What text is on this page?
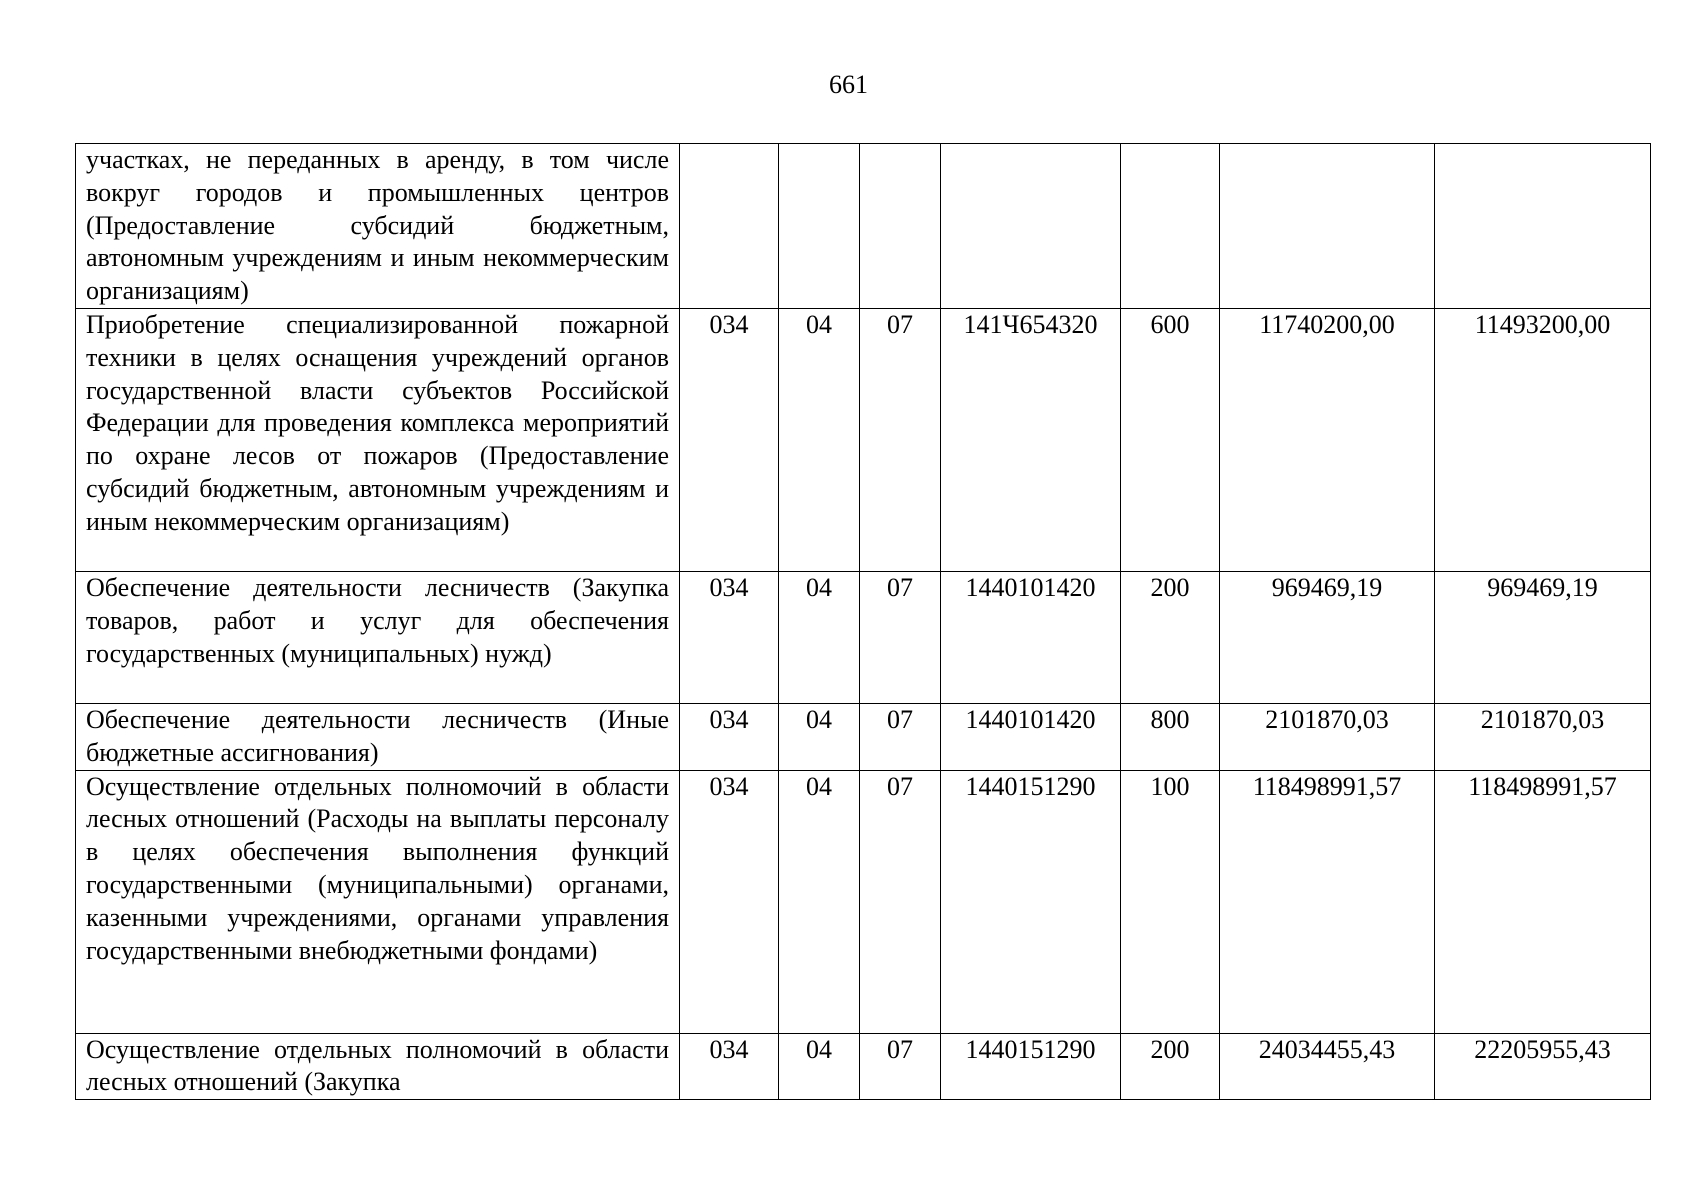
661
участках, не переданных в аренду, в том числе вокруг городов и промышленных центров (Предоставление субсидий бюджетным, автономным учреждениям и иным некоммерческим организациям)							
Приобретение специализированной пожарной техники в целях оснащения учреждений органов государственной власти субъектов Российской Федерации для проведения комплекса мероприятий по охране лесов от пожаров (Предоставление субсидий бюджетным, автономным учреждениям и иным некоммерческим организациям)	034	04	07	141Ч654320	600	11740200,00	11493200,00
Обеспечение деятельности лесничеств (Закупка товаров, работ и услуг для обеспечения государственных (муниципальных) нужд)	034	04	07	1440101420	200	969469,19	969469,19
Обеспечение деятельности лесничеств (Иные бюджетные ассигнования)	034	04	07	1440101420	800	2101870,03	2101870,03
Осуществление отдельных полномочий в области лесных отношений (Расходы на выплаты персоналу в целях обеспечения выполнения функций государственными (муниципальными) органами, казенными учреждениями, органами управления государственными внебюджетными фондами)	034	04	07	1440151290	100	118498991,57	118498991,57
Осуществление отдельных полномочий в области лесных отношений (Закупка	034	04	07	1440151290	200	24034455,43	22205955,43
